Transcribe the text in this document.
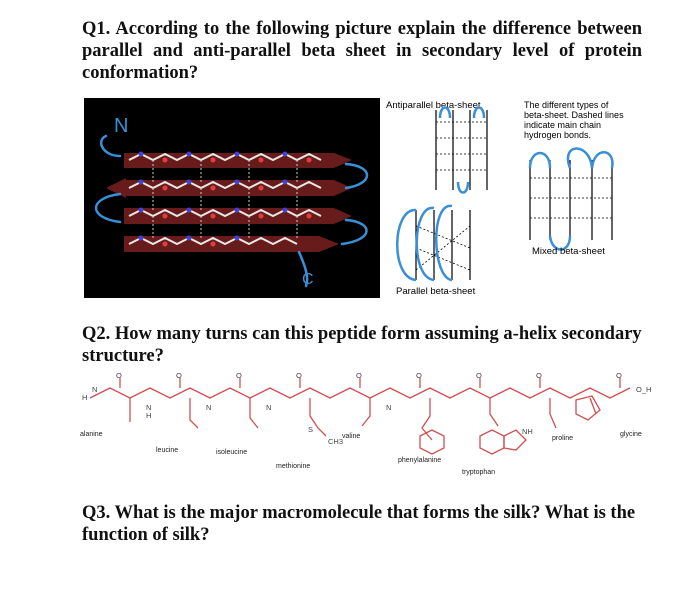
Q1. According to the following picture explain the difference between parallel and anti-parallel beta sheet in secondary level of protein conformation?

N
C
Antiparallel beta-sheet	The different types of
beta-sheet. Dashed lines
indicate main chain
hydrogen bonds.
Parallel beta-sheet
Mixed beta-sheet

Q2. How many turns can this peptide form assuming a-helix secondary structure?

H
N
O
N
H
O
N
O
N
O
S
CH3
O
N
O	O
NH
O	O
O_H
alanine
leucine	isoleucine
methionine
valine
phenylalanine
tryptophan
proline
glycine

Q3. What is the major macromolecule that forms the silk? What is the function of silk?
